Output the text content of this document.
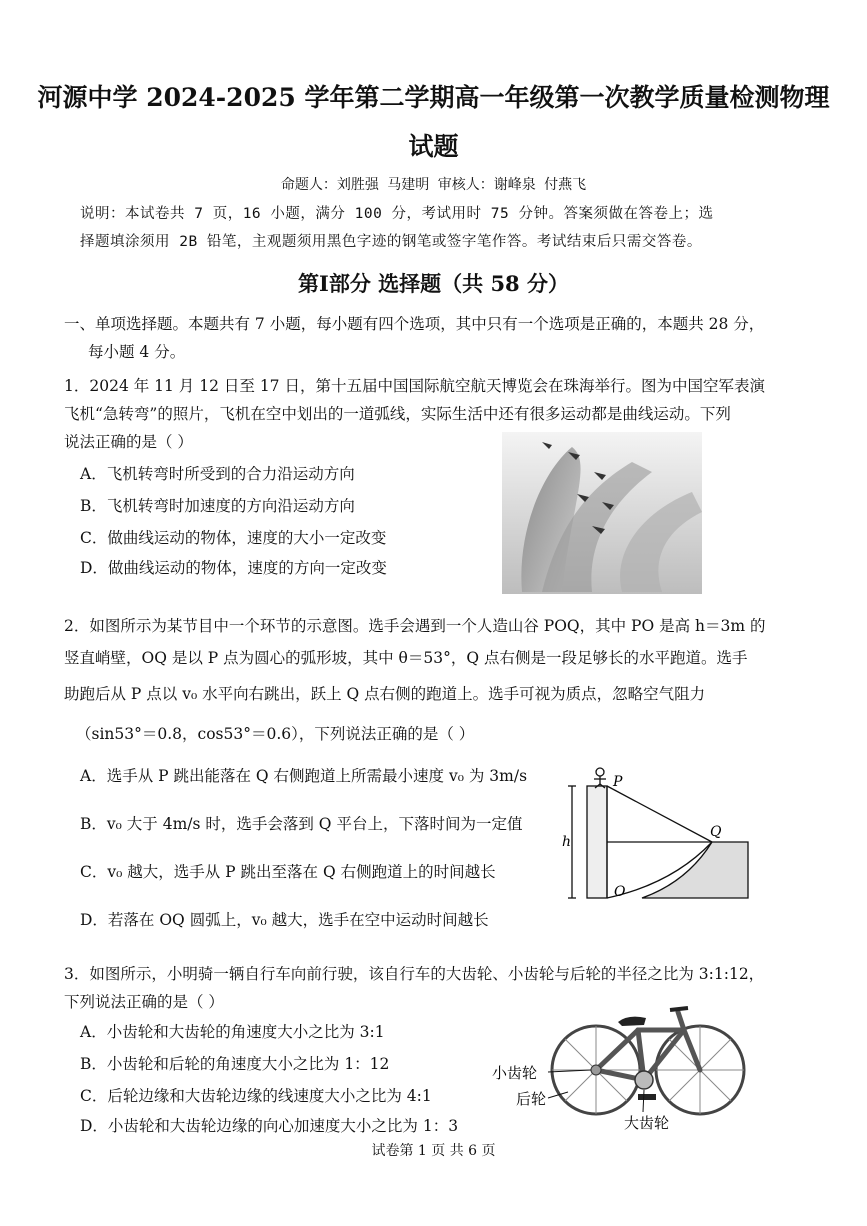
河源中学 2024-2025 学年第二学期高一年级第一次教学质量检测物理
试题
命题人：刘胜强 马建明 审核人：谢峰泉 付燕飞
说明：本试卷共 7 页，16 小题，满分 100 分，考试用时 75 分钟。答案须做在答卷上；选
择题填涂须用 2B 铅笔，主观题须用黑色字迹的钢笔或签字笔作答。考试结束后只需交答卷。
第Ⅰ部分 选择题（共 58 分）
一、单项选择题。本题共有 7 小题，每小题有四个选项，其中只有一个选项是正确的，本题共 28 分，
每小题 4 分。
1．2024 年 11 月 12 日至 17 日，第十五届中国国际航空航天博览会在珠海举行。图为中国空军表演
飞机“急转弯”的照片，飞机在空中划出的一道弧线，实际生活中还有很多运动都是曲线运动。下列
说法正确的是（ ）
A．飞机转弯时所受到的合力沿运动方向
B．飞机转弯时加速度的方向沿运动方向
C．做曲线运动的物体，速度的大小一定改变
D．做曲线运动的物体，速度的方向一定改变
2．如图所示为某节目中一个环节的示意图。选手会遇到一个人造山谷 POQ，其中 PO 是高 h＝3m 的
竖直峭壁，OQ 是以 P 点为圆心的弧形坡，其中 θ＝53°，Q 点右侧是一段足够长的水平跑道。选手
助跑后从 P 点以 v₀ 水平向右跳出，跃上 Q 点右侧的跑道上。选手可视为质点，忽略空气阻力
（sin53°＝0.8，cos53°＝0.6），下列说法正确的是（ ）
A．选手从 P 跳出能落在 Q 右侧跑道上所需最小速度 v₀ 为 3m/s
B．v₀ 大于 4m/s 时，选手会落到 Q 平台上，下落时间为一定值
C．v₀ 越大，选手从 P 跳出至落在 Q 右侧跑道上的时间越长
D．若落在 OQ 圆弧上，v₀ 越大，选手在空中运动时间越长
P
Q
O
h
3．如图所示，小明骑一辆自行车向前行驶，该自行车的大齿轮、小齿轮与后轮的半径之比为 3:1:12，
下列说法正确的是（ ）
A．小齿轮和大齿轮的角速度大小之比为 3:1
B．小齿轮和后轮的角速度大小之比为 1：12
C．后轮边缘和大齿轮边缘的线速度大小之比为 4:1
D．小齿轮和大齿轮边缘的向心加速度大小之比为 1：3
小齿轮
后轮
大齿轮
试卷第 1 页 共 6 页
